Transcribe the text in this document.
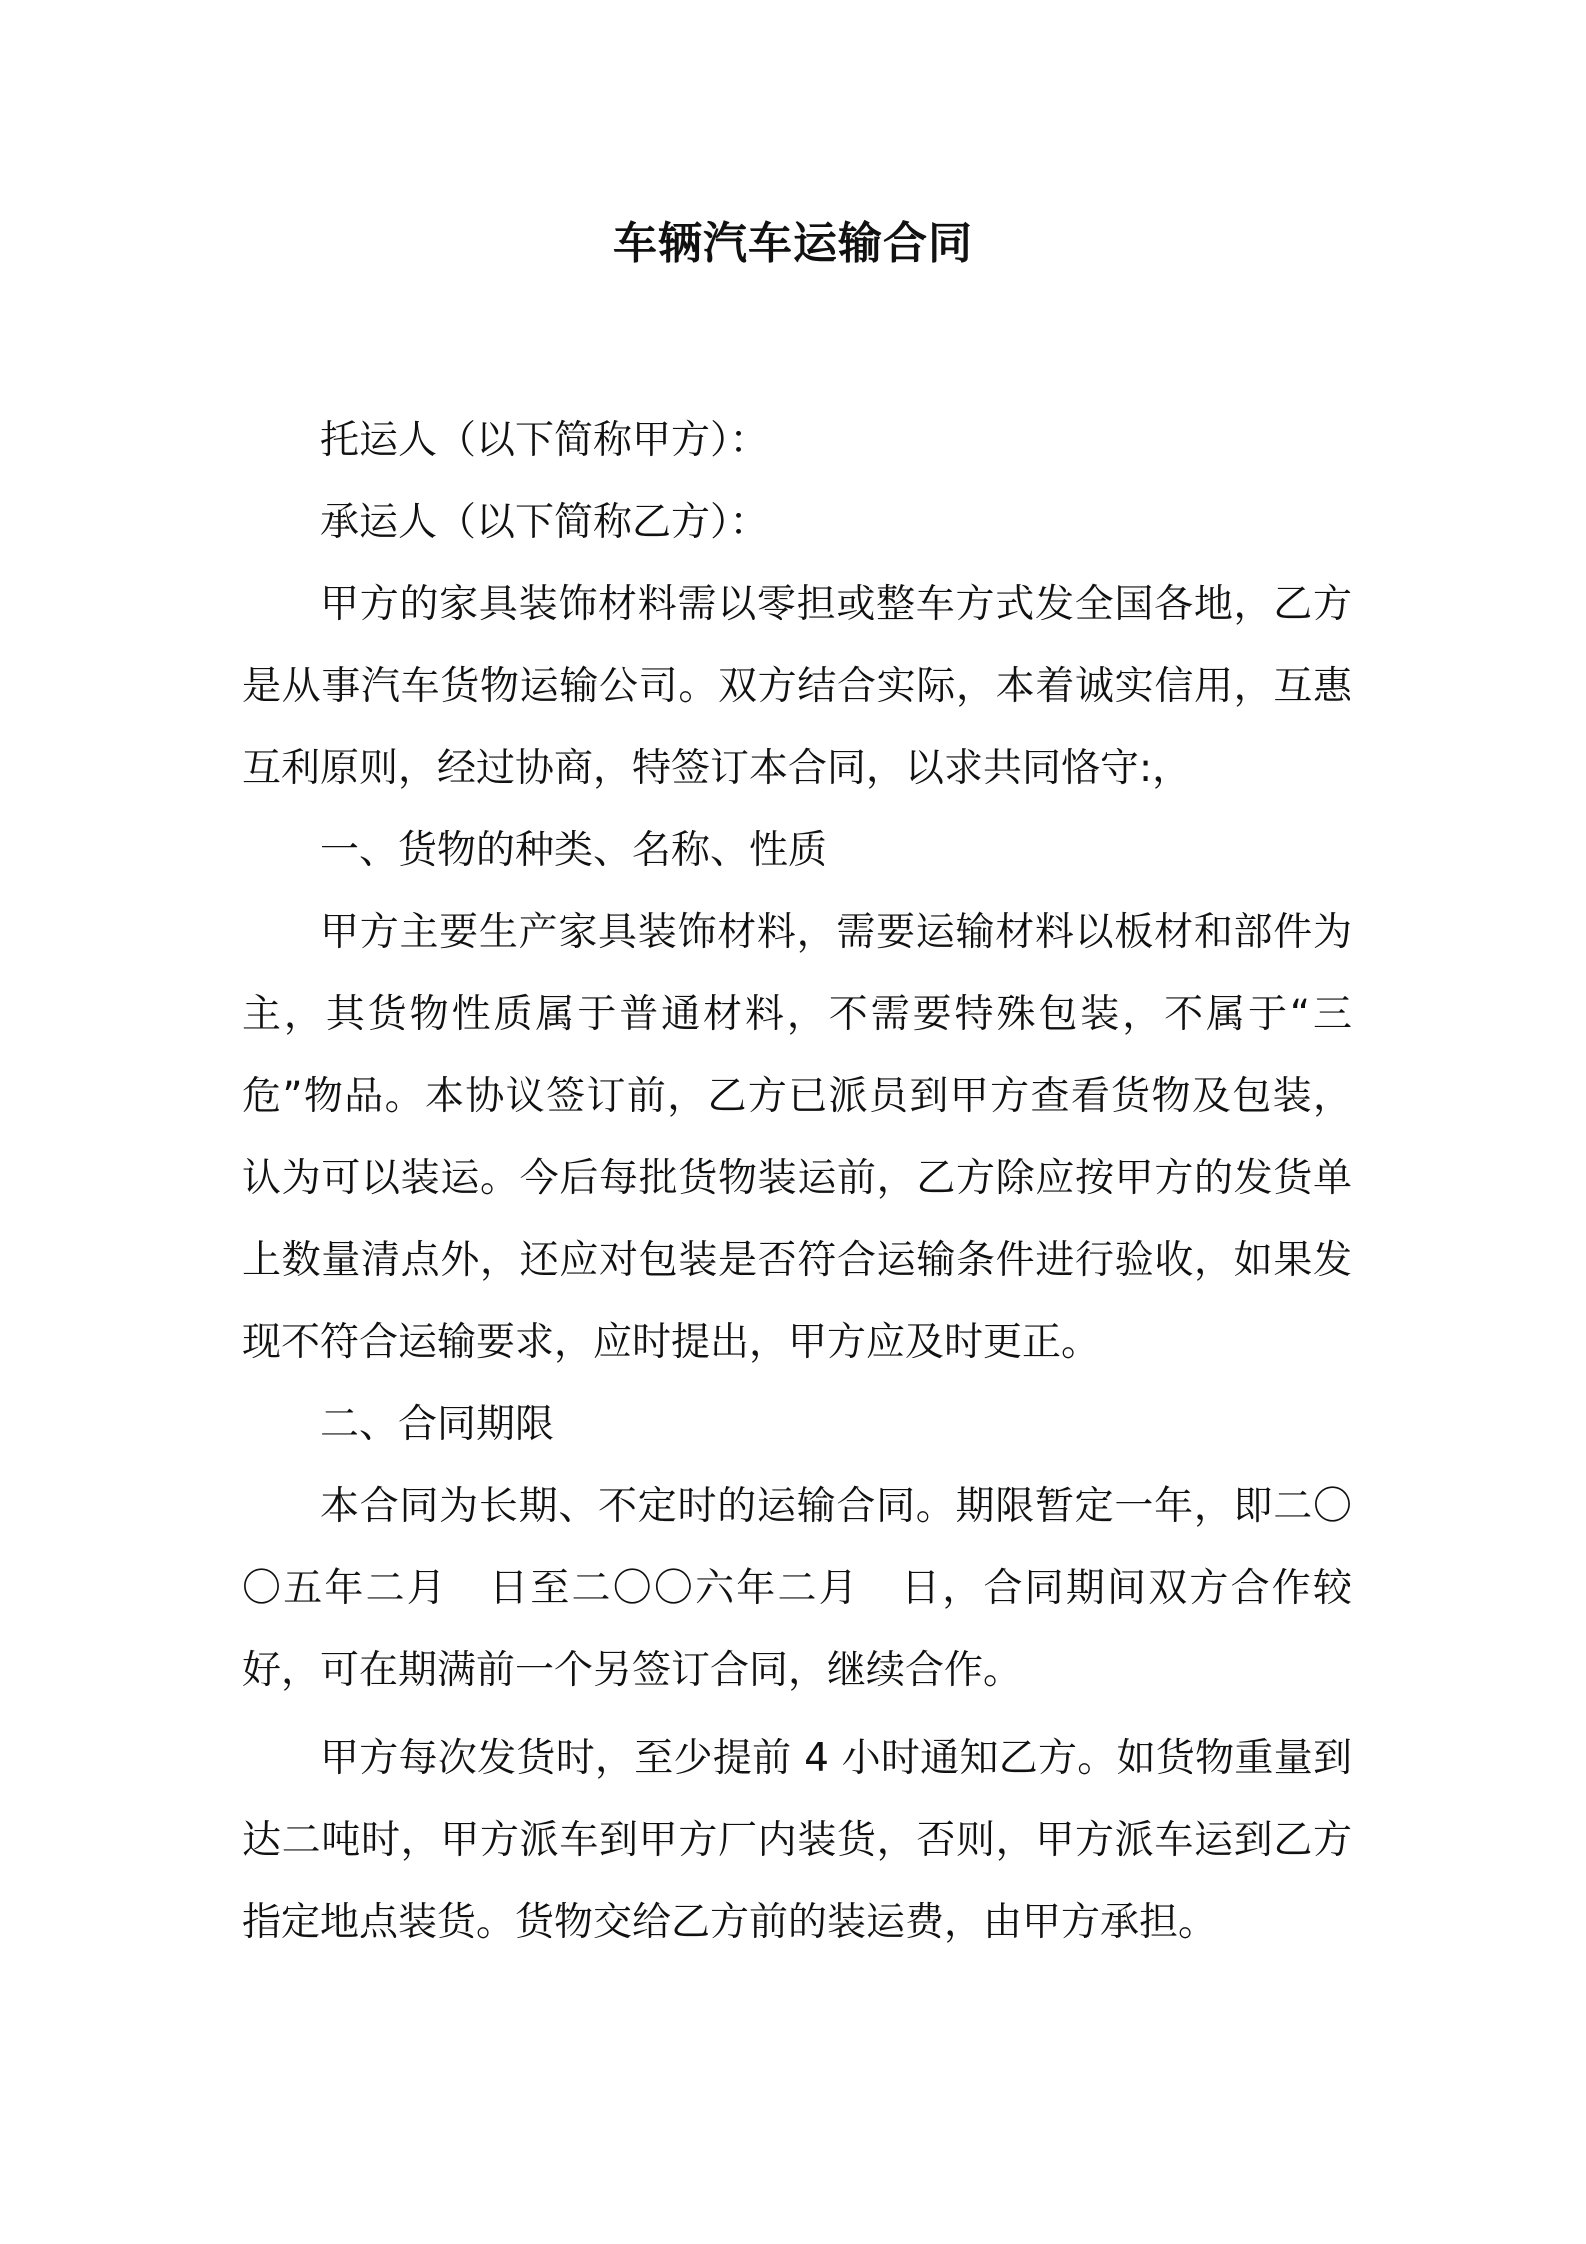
车辆汽车运输合同

托运人（以下简称甲方）：

承运人（以下简称乙方）：

甲方的家具装饰材料需以零担或整车方式发全国各地，乙方是从事汽车货物运输公司。双方结合实际，本着诚实信用，互惠互利原则，经过协商，特签订本合同，以求共同恪守:，

一、货物的种类、名称、性质

甲方主要生产家具装饰材料，需要运输材料以板材和部件为主，其货物性质属于普通材料，不需要特殊包装，不属于“三危”物品。本协议签订前，乙方已派员到甲方查看货物及包装，认为可以装运。今后每批货物装运前，乙方除应按甲方的发货单上数量清点外，还应对包装是否符合运输条件进行验收，如果发现不符合运输要求，应时提出，甲方应及时更正。

二、合同期限

本合同为长期、不定时的运输合同。期限暂定一年，即二〇〇五年二月　日至二〇〇六年二月　日，合同期间双方合作较好，可在期满前一个另签订合同，继续合作。

甲方每次发货时，至少提前 4 小时通知乙方。如货物重量到达二吨时，甲方派车到甲方厂内装货，否则，甲方派车运到乙方指定地点装货。货物交给乙方前的装运费，由甲方承担。
